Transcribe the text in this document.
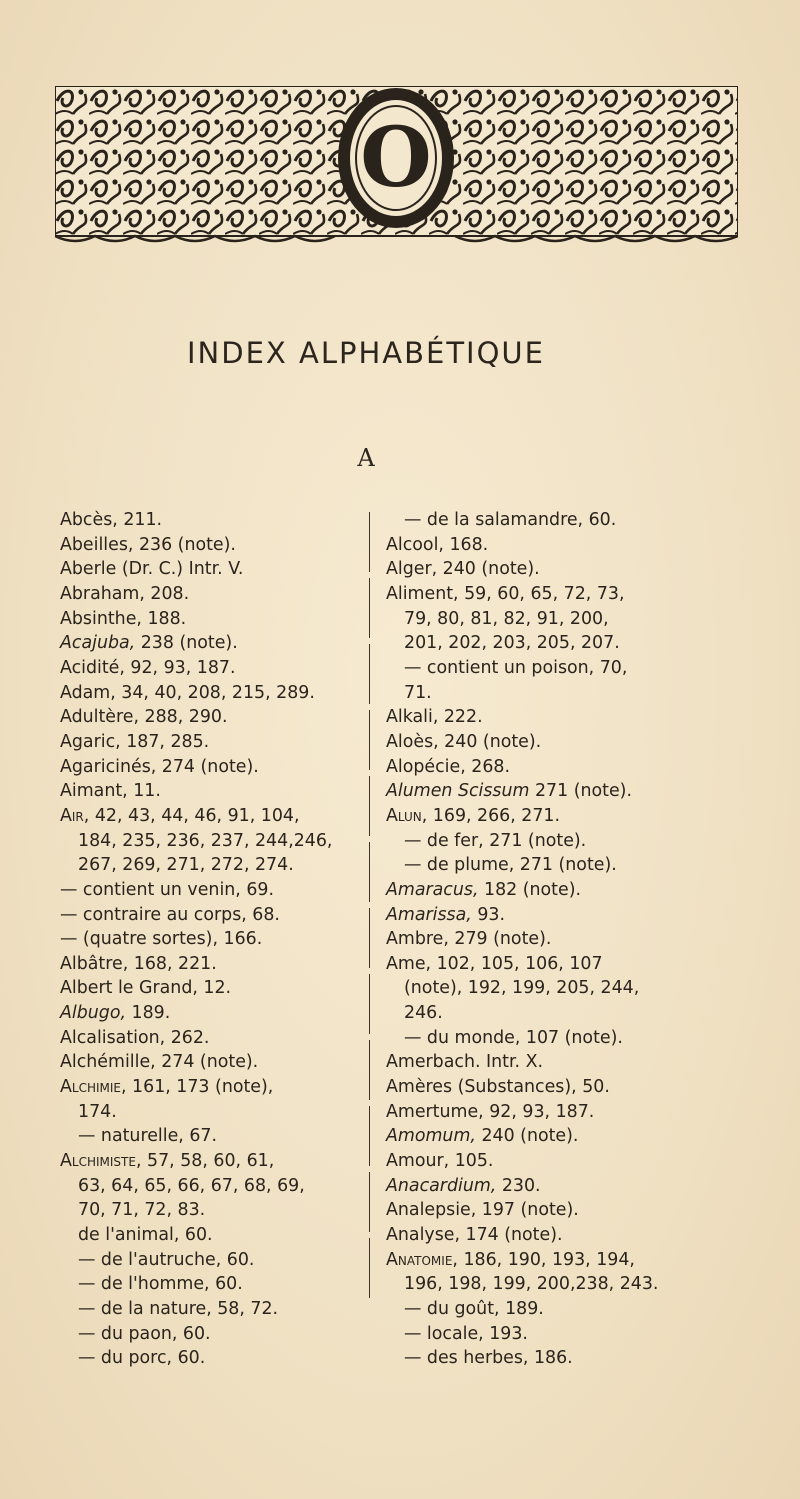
O
INDEX ALPHABÉTIQUE
A
Abcès, 211.
Abeilles, 236 (note).
Aberle (Dr. C.) Intr. V.
Abraham, 208.
Absinthe, 188.
Acajuba, 238 (note).
Acidité, 92, 93, 187.
Adam, 34, 40, 208, 215, 289.
Adultère, 288, 290.
Agaric, 187, 285.
Agaricinés, 274 (note).
Aimant, 11.
Air, 42, 43, 44, 46, 91, 104,
184, 235, 236, 237, 244,246,
267, 269, 271, 272, 274.
— contient un venin, 69.
— contraire au corps, 68.
— (quatre sortes), 166.
Albâtre, 168, 221.
Albert le Grand, 12.
Albugo, 189.
Alcalisation, 262.
Alchémille, 274 (note).
Alchimie, 161, 173 (note),
174.
— naturelle, 67.
Alchimiste, 57, 58, 60, 61,
63, 64, 65, 66, 67, 68, 69,
70, 71, 72, 83.
de l'animal, 60.
— de l'autruche, 60.
— de l'homme, 60.
— de la nature, 58, 72.
— du paon, 60.
— du porc, 60.
— de la salamandre, 60.
Alcool, 168.
Alger, 240 (note).
Aliment, 59, 60, 65, 72, 73,
79, 80, 81, 82, 91, 200,
201, 202, 203, 205, 207.
— contient un poison, 70,
71.
Alkali, 222.
Aloès, 240 (note).
Alopécie, 268.
Alumen Scissum 271 (note).
Alun, 169, 266, 271.
— de fer, 271 (note).
— de plume, 271 (note).
Amaracus, 182 (note).
Amarissa, 93.
Ambre, 279 (note).
Ame, 102, 105, 106, 107
(note), 192, 199, 205, 244,
246.
— du monde, 107 (note).
Amerbach. Intr. X.
Amères (Substances), 50.
Amertume, 92, 93, 187.
Amomum, 240 (note).
Amour, 105.
Anacardium, 230.
Analepsie, 197 (note).
Analyse, 174 (note).
Anatomie, 186, 190, 193, 194,
196, 198, 199, 200,238, 243.
— du goût, 189.
— locale, 193.
— des herbes, 186.
